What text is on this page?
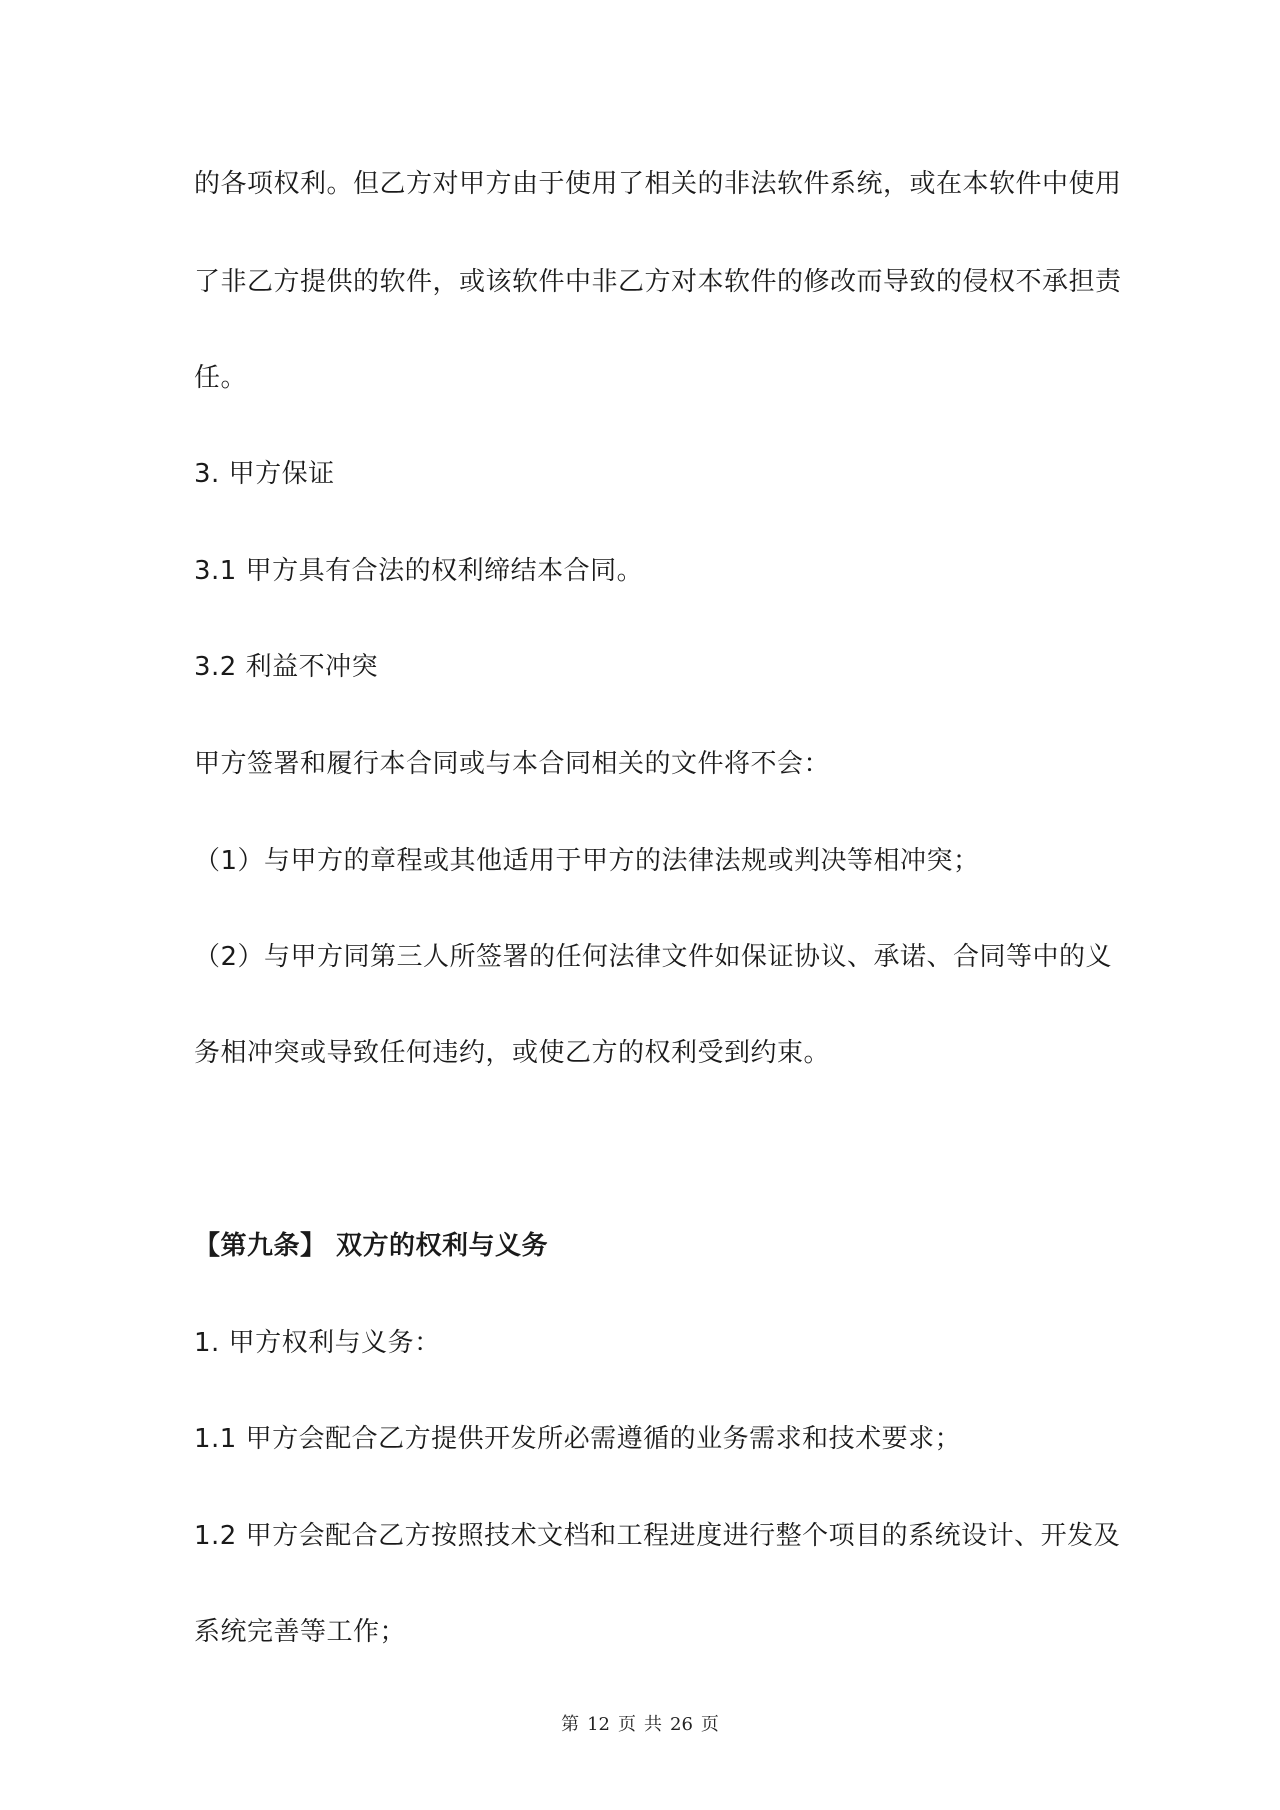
的各项权利。但乙方对甲方由于使用了相关的非法软件系统，或在本软件中使用
了非乙方提供的软件，或该软件中非乙方对本软件的修改而导致的侵权不承担责
任。
3. 甲方保证
3.1 甲方具有合法的权利缔结本合同。
3.2 利益不冲突
甲方签署和履行本合同或与本合同相关的文件将不会：
（1）与甲方的章程或其他适用于甲方的法律法规或判决等相冲突；
（2）与甲方同第三人所签署的任何法律文件如保证协议、承诺、合同等中的义
务相冲突或导致任何违约，或使乙方的权利受到约束。
【第九条】 双方的权利与义务
1. 甲方权利与义务：
1.1 甲方会配合乙方提供开发所必需遵循的业务需求和技术要求；
1.2 甲方会配合乙方按照技术文档和工程进度进行整个项目的系统设计、开发及
系统完善等工作；
第 12 页 共 26 页
